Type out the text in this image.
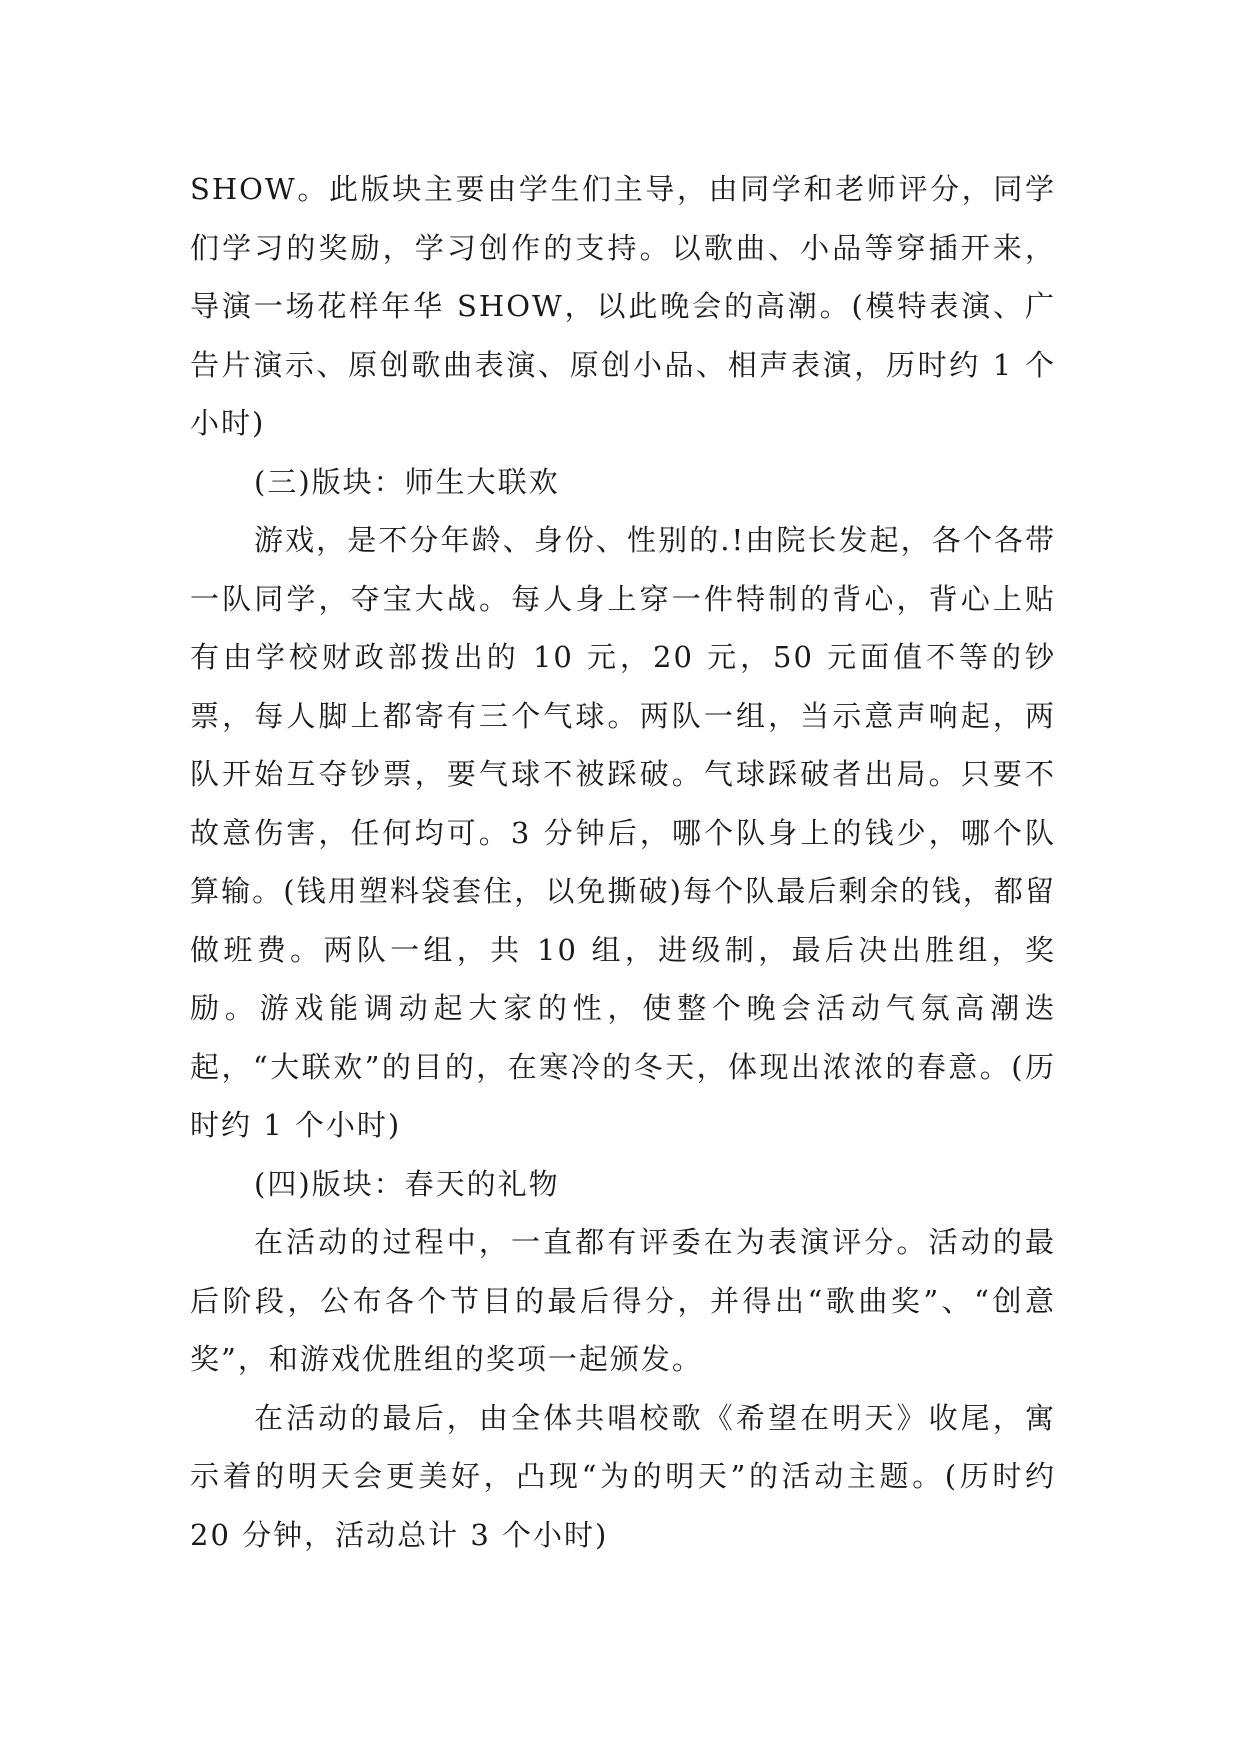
SHOW。此版块主要由学生们主导，由同学和老师评分，同学们学习的奖励，学习创作的支持。以歌曲、小品等穿插开来，导演一场花样年华 SHOW，以此晚会的高潮。(模特表演、广告片演示、原创歌曲表演、原创小品、相声表演，历时约 1 个小时)

(三)版块：师生大联欢

游戏，是不分年龄、身份、性别的.!由院长发起，各个各带一队同学，夺宝大战。每人身上穿一件特制的背心，背心上贴有由学校财政部拨出的 10 元，20 元，50 元面值不等的钞票，每人脚上都寄有三个气球。两队一组，当示意声响起，两队开始互夺钞票，要气球不被踩破。气球踩破者出局。只要不故意伤害，任何均可。3 分钟后，哪个队身上的钱少，哪个队算输。(钱用塑料袋套住，以免撕破)每个队最后剩余的钱，都留做班费。两队一组，共 10 组，进级制，最后决出胜组，奖励。游戏能调动起大家的性，使整个晚会活动气氛高潮迭起，“大联欢”的目的，在寒冷的冬天，体现出浓浓的春意。(历时约 1 个小时)

(四)版块：春天的礼物

在活动的过程中，一直都有评委在为表演评分。活动的最后阶段，公布各个节目的最后得分，并得出“歌曲奖”、“创意奖”，和游戏优胜组的奖项一起颁发。

在活动的最后，由全体共唱校歌《希望在明天》收尾，寓示着的明天会更美好，凸现“为的明天”的活动主题。(历时约 20 分钟，活动总计 3 个小时)
